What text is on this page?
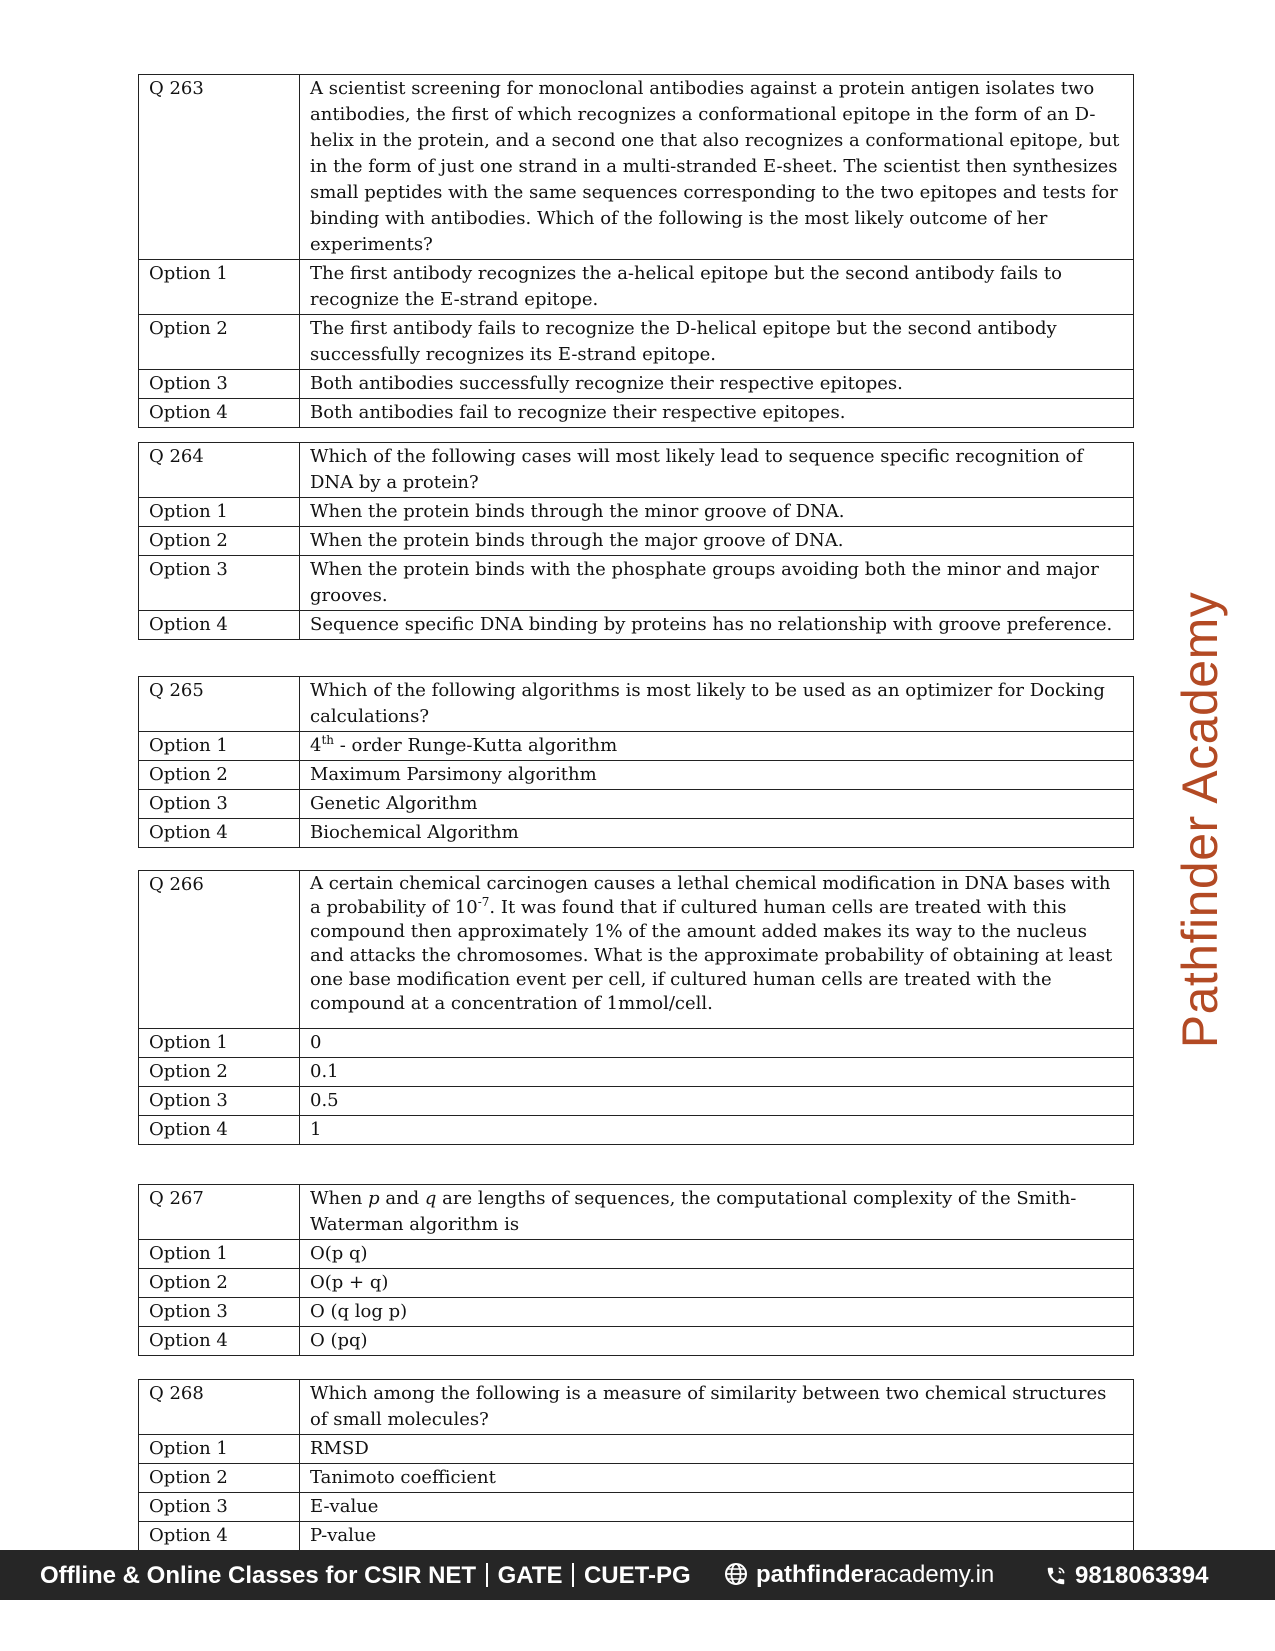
Q 263	A scientist screening for monoclonal antibodies against a protein antigen isolates two antibodies, the first of which recognizes a conformational epitope in the form of an D- helix in the protein, and a second one that also recognizes a conformational epitope, but in the form of just one strand in a multi-stranded E-sheet. The scientist then synthesizes small peptides with the same sequences corresponding to the two epitopes and tests for binding with antibodies. Which of the following is the most likely outcome of her experiments?
Option 1	The first antibody recognizes the a-helical epitope but the second antibody fails to recognize the E-strand epitope.
Option 2	The first antibody fails to recognize the D-helical epitope but the second antibody successfully recognizes its E-strand epitope.
Option 3	Both antibodies successfully recognize their respective epitopes.
Option 4	Both antibodies fail to recognize their respective epitopes.
Q 264	Which of the following cases will most likely lead to sequence specific recognition of DNA by a protein?
Option 1	When the protein binds through the minor groove of DNA.
Option 2	When the protein binds through the major groove of DNA.
Option 3	When the protein binds with the phosphate groups avoiding both the minor and major grooves.
Option 4	Sequence specific DNA binding by proteins has no relationship with groove preference.
Q 265	Which of the following algorithms is most likely to be used as an optimizer for Docking calculations?
Option 1	4th - order Runge-Kutta algorithm
Option 2	Maximum Parsimony algorithm
Option 3	Genetic Algorithm
Option 4	Biochemical Algorithm
Q 266	A certain chemical carcinogen causes a lethal chemical modification in DNA bases with a probability of $10^{-7}$. It was found that if cultured human cells are treated with this compound then approximately 1% of the amount added makes its way to the nucleus and attacks the chromosomes. What is the approximate probability of obtaining at least one base modification event per cell, if cultured human cells are treated with the compound at a concentration of 1mmol/cell.
Option 1	0
Option 2	0.1
Option 3	0.5
Option 4	1
Q 267	When p and q are lengths of sequences, the computational complexity of the Smith-Waterman algorithm is
Option 1	O(p q)
Option 2	O(p + q)
Option 3	O (q log p)
Option 4	O (pq)
Q 268	Which among the following is a measure of similarity between two chemical structures of small molecules?
Option 1	RMSD
Option 2	Tanimoto coefficient
Option 3	E-value
Option 4	P-value
Pathfinder Academy
Offline & Online Classes for CSIR NET GATE CUET-PG	pathfinderacademy.in	9818063394
